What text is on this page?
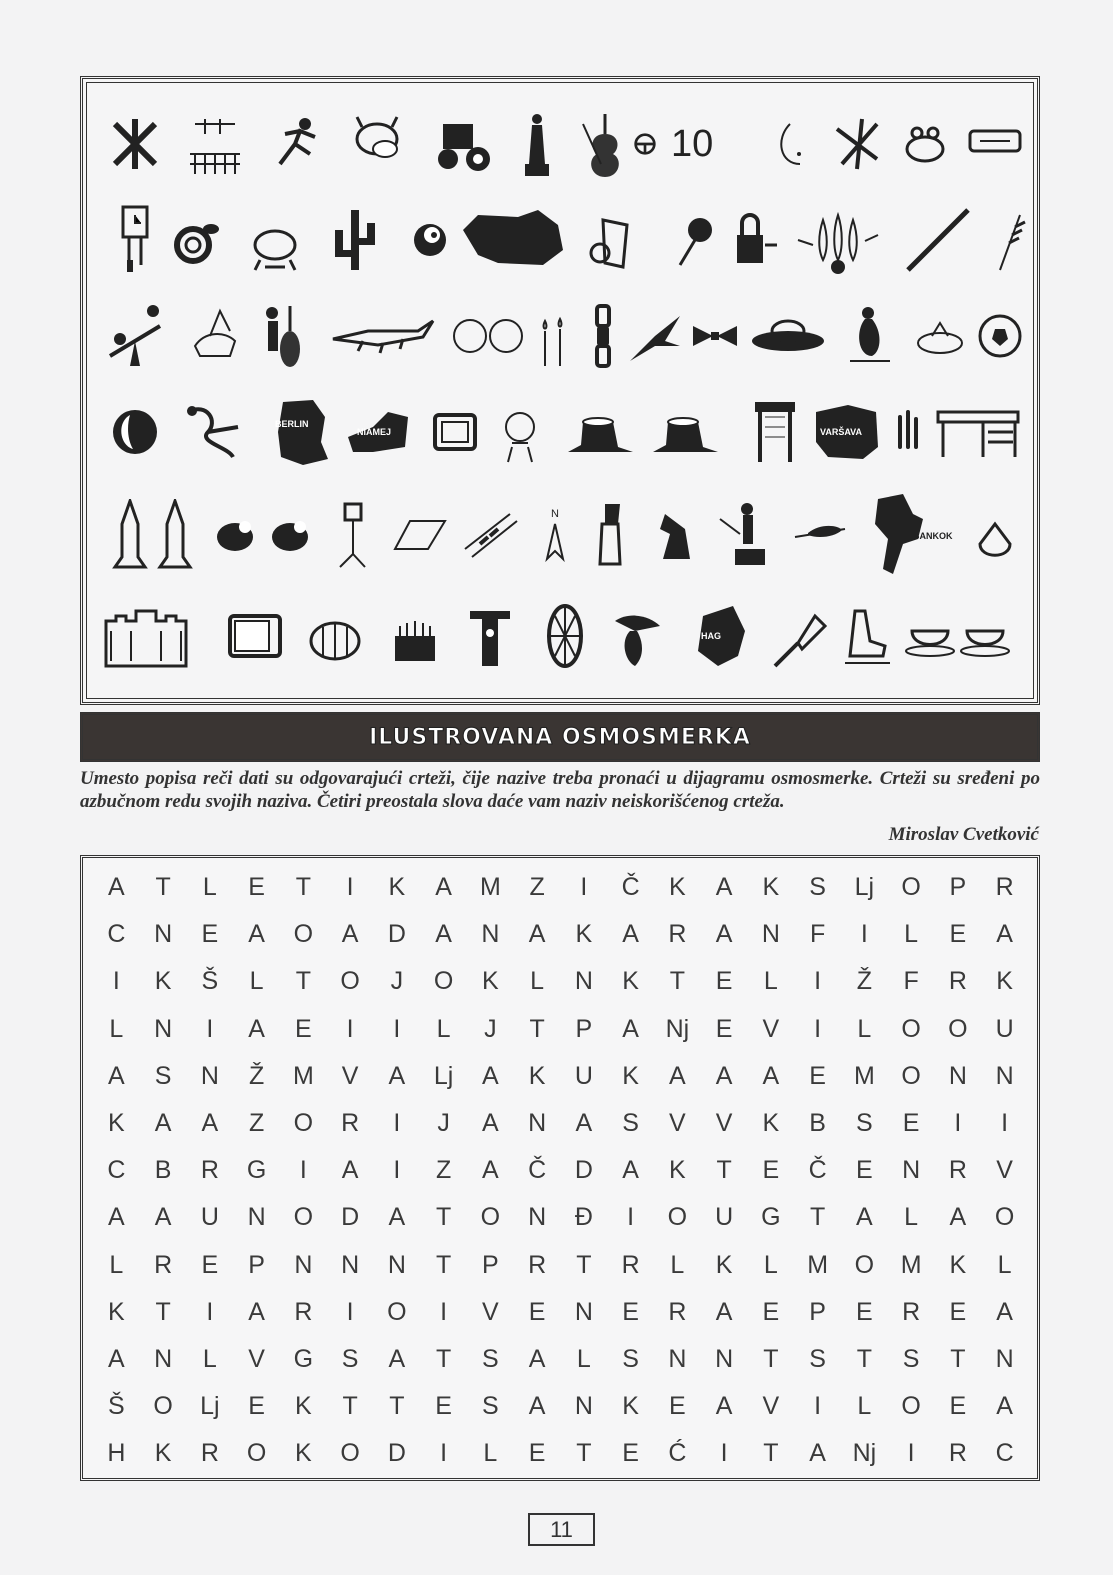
10
BERLIN
NIAMEJ	VARŠAVA
N
BANKOK
HAG
ILUSTROVANA OSMOSMERKA
Umesto popisa reči dati su odgovarajući crteži, čije nazive treba pronaći u dijagramu osmosmerke. Crteži su sređeni po azbučnom redu svojih naziva. Četiri preostala slova daće vam naziv neiskorišćenog crteža.
Miroslav Cvetković
A	T	L	E	T	I	K	A	M	Z	I	Č	K	A	K	S	Lj	O	P	R
C	N	E	A	O	A	D	A	N	A	K	A	R	A	N	F	I	L	E	A
I	K	Š	L	T	O	J	O	K	L	N	K	T	E	L	I	Ž	F	R	K
L	N	I	A	E	I	I	L	J	T	P	A	Nj	E	V	I	L	O	O	U
A	S	N	Ž	M	V	A	Lj	A	K	U	K	A	A	A	E	M	O	N	N
K	A	A	Z	O	R	I	J	A	N	A	S	V	V	K	B	S	E	I	I
C	B	R	G	I	A	I	Z	A	Č	D	A	K	T	E	Č	E	N	R	V
A	A	U	N	O	D	A	T	O	N	Đ	I	O	U	G	T	A	L	A	O
L	R	E	P	N	N	N	T	P	R	T	R	L	K	L	M	O	M	K	L
K	T	I	A	R	I	O	I	V	E	N	E	R	A	E	P	E	R	E	A
A	N	L	V	G	S	A	T	S	A	L	S	N	N	T	S	T	S	T	N
Š	O	Lj	E	K	T	T	E	S	A	N	K	E	A	V	I	L	O	E	A
H	K	R	O	K	O	D	I	L	E	T	E	Ć	I	T	A	Nj	I	R	C
11
